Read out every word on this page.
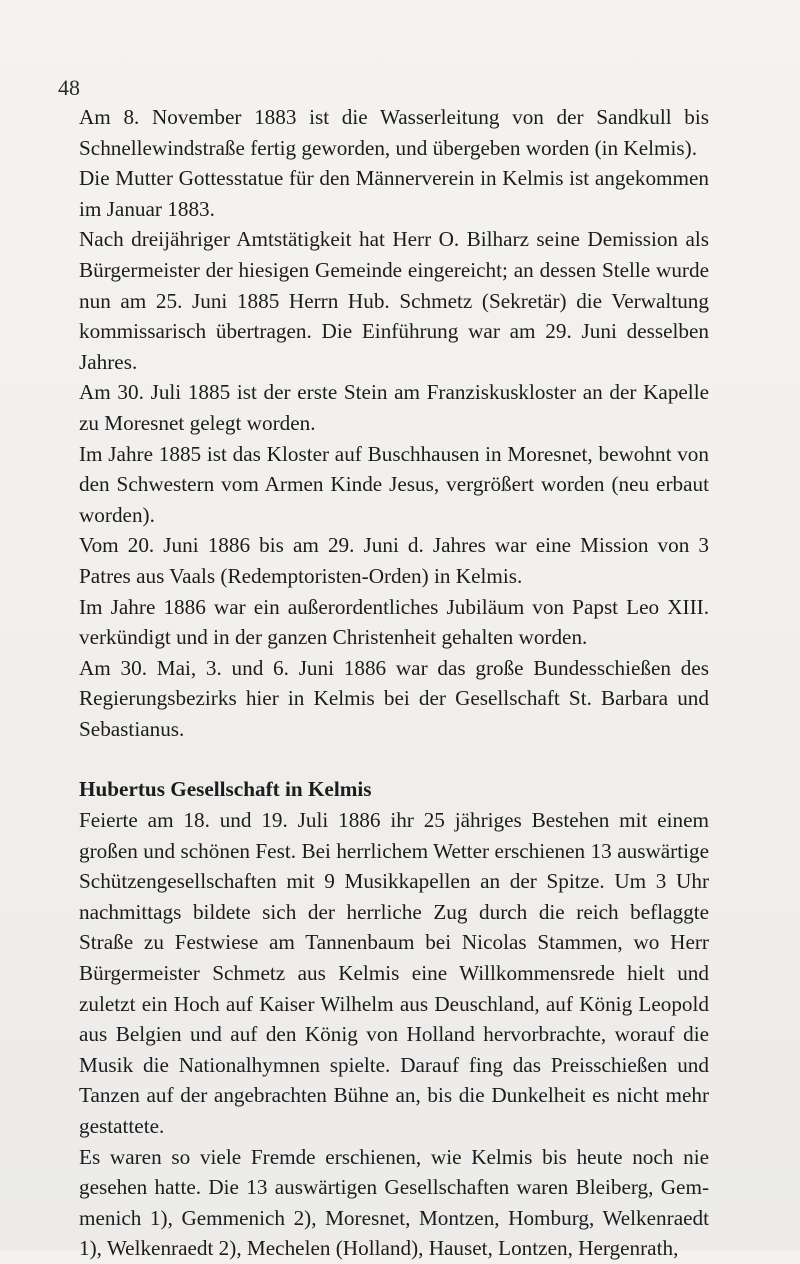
48

Am 8. November 1883 ist die Wasserleitung von der Sandkull bis Schnellewindstraße fertig geworden, und übergeben worden (in Kelmis).

Die Mutter Gottesstatue für den Männerverein in Kelmis ist angekommen im Januar 1883.

Nach dreijähriger Amtstätigkeit hat Herr O. Bilharz seine Demission als Bürgermeister der hiesigen Gemeinde eingereicht; an dessen Stelle wurde nun am 25. Juni 1885 Herrn Hub. Schmetz (Sekretär) die Verwaltung kommissarisch übertragen. Die Einführung war am 29. Juni desselben Jahres.

Am 30. Juli 1885 ist der erste Stein am Franziskuskloster an der Kapelle zu Moresnet gelegt worden.

Im Jahre 1885 ist das Kloster auf Buschhausen in Moresnet, bewohnt von den Schwestern vom Armen Kinde Jesus, vergrößert worden (neu erbaut worden).

Vom 20. Juni 1886 bis am 29. Juni d. Jahres war eine Mission von 3 Patres aus Vaals (Redemptoristen-Orden) in Kelmis.

Im Jahre 1886 war ein außerordentliches Jubiläum von Papst Leo XIII. verkündigt und in der ganzen Christenheit gehalten worden.

Am 30. Mai, 3. und 6. Juni 1886 war das große Bundesschießen des Regierungsbezirks hier in Kelmis bei der Gesellschaft St. Barbara und Sebastianus.

Hubertus Gesellschaft in Kelmis

Feierte am 18. und 19. Juli 1886 ihr 25 jähriges Bestehen mit einem großen und schönen Fest. Bei herrlichem Wetter erschienen 13 auswärtige Schützengesellschaften mit 9 Musikkapellen an der Spitze. Um 3 Uhr nachmittags bildete sich der herrliche Zug durch die reich beflaggte Straße zu Festwiese am Tannenbaum bei Nicolas Stammen, wo Herr Bürgermeister Schmetz aus Kelmis eine Willkommensrede hielt und zuletzt ein Hoch auf Kaiser Wilhelm aus Deuschland, auf König Leopold aus Belgien und auf den König von Holland hervorbrachte, worauf die Musik die Nationalhymnen spielte. Darauf fing das Preisschießen und Tanzen auf der angebrachten Bühne an, bis die Dunkelheit es nicht mehr gestattete.

Es waren so viele Fremde erschienen, wie Kelmis bis heute noch nie gesehen hatte. Die 13 auswärtigen Gesellschaften waren Bleiberg, Gemmenich 1), Gemmenich 2), Moresnet, Montzen, Homburg, Welkenraedt 1), Welkenraedt 2), Mechelen (Holland), Hauset, Lontzen, Hergenrath,
